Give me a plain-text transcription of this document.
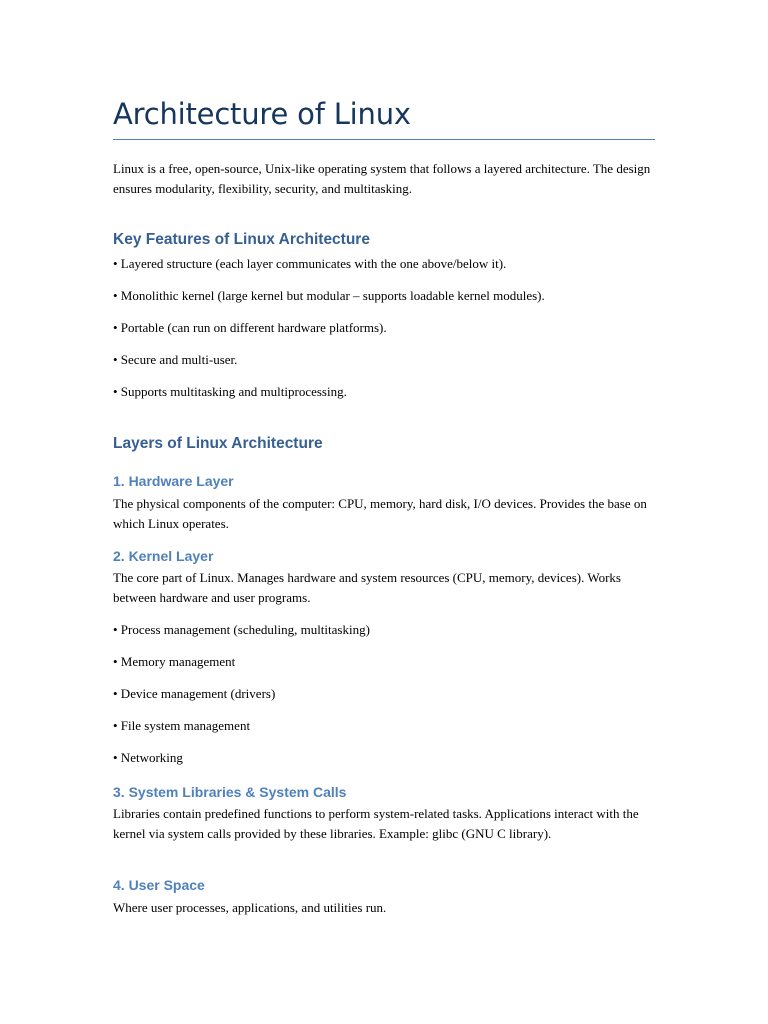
Architecture of Linux

Linux is a free, open-source, Unix-like operating system that follows a layered architecture. The design ensures modularity, flexibility, security, and multitasking.

Key Features of Linux Architecture

• Layered structure (each layer communicates with the one above/below it).

• Monolithic kernel (large kernel but modular – supports loadable kernel modules).

• Portable (can run on different hardware platforms).

• Secure and multi-user.

• Supports multitasking and multiprocessing.

Layers of Linux Architecture
1. Hardware Layer

The physical components of the computer: CPU, memory, hard disk, I/O devices. Provides the base on which Linux operates.

2. Kernel Layer

The core part of Linux. Manages hardware and system resources (CPU, memory, devices). Works between hardware and user programs.

• Process management (scheduling, multitasking)

• Memory management

• Device management (drivers)

• File system management

• Networking

3. System Libraries & System Calls

Libraries contain predefined functions to perform system-related tasks. Applications interact with the kernel via system calls provided by these libraries. Example: glibc (GNU C library).

4. User Space

Where user processes, applications, and utilities run.
